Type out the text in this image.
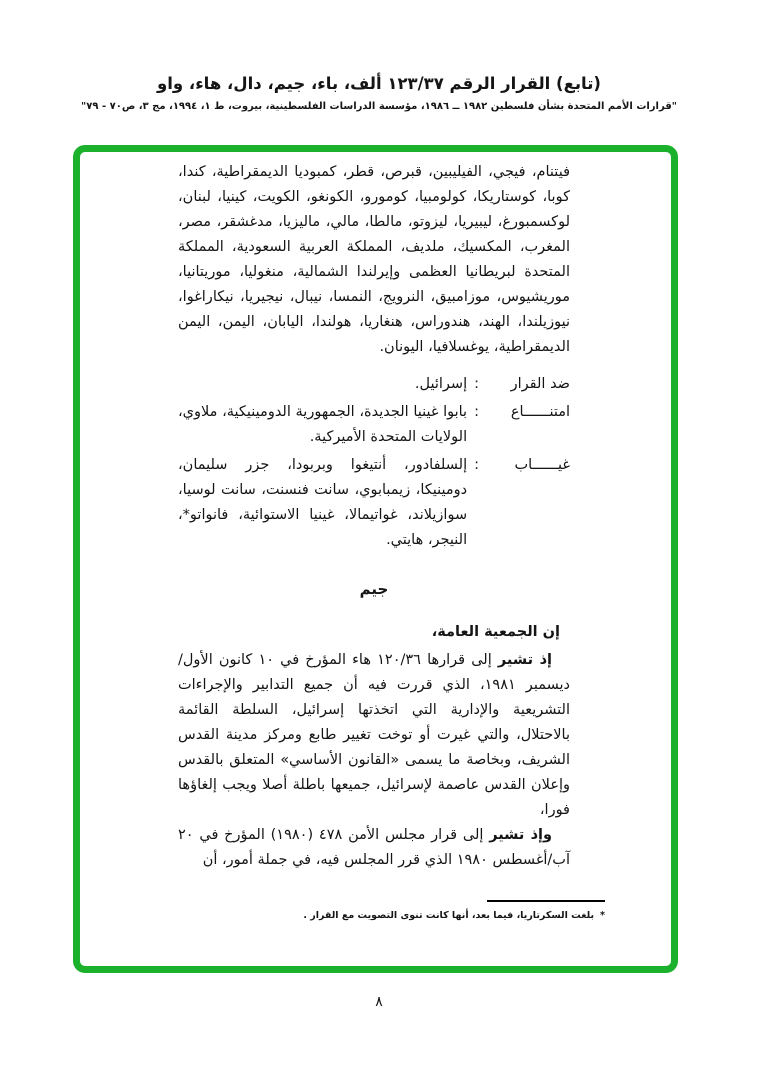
(تابع) القرار الرقم ١٢٣/٣٧ ألف، باء، جيم، دال، هاء، واو
"قرارات الأمم المتحدة بشأن فلسطين ١٩٨٢ ــ ١٩٨٦، مؤسسة الدراسات الفلسطينية، بيروت، ط ١، ١٩٩٤، مج ٣، ص٧٠ - ٧٩"

فيتنام، فيجي، الفيليبين، قبرص، قطر، كمبوديا الديمقراطية، كندا، كوبا، كوستاريكا، كولومبيا، كومورو، الكونغو، الكويت، كينيا، لبنان، لوكسمبورغ، ليبيريا، ليزوتو، مالطا، مالي، ماليزيا، مدغشقر، مصر، المغرب، المكسيك، ملديف، المملكة العربية السعودية، المملكة المتحدة لبريطانيا العظمى وإيرلندا الشمالية، منغوليا، موريتانيا، موريشيوس، موزامبيق، النرويج، النمسا، نيبال، نيجيريا، نيكاراغوا، نيوزيلندا، الهند، هندوراس، هنغاريا، هولندا، اليابان، اليمن، اليمن الديمقراطية، يوغسلافيا، اليونان.

ضد القرار
:
إسرائيل.
امتنــــــاع
:
بابوا غينيا الجديدة، الجمهورية الدومينيكية، ملاوي، الولايات المتحدة الأميركية.
غيــــــاب
:
إلسلفادور، أنتيغوا وبربودا، جزر سليمان، دومينيكا، زيمبابوي، سانت فنسنت، سانت لوسيا، سوازيلاند، غواتيمالا، غينيا الاستوائية، فانواتو*، النيجر، هايتي.

جيم

إن الجمعية العامة،

إذ تشير إلى قرارها ١٢٠/٣٦ هاء المؤرخ في ١٠ كانون الأول/ ديسمبر ١٩٨١، الذي قررت فيه أن جميع التدابير والإجراءات التشريعية والإدارية التي اتخذتها إسرائيل، السلطة القائمة بالاحتلال، والتي غيرت أو توخت تغيير طابع ومركز مدينة القدس الشريف، وبخاصة ما يسمى «القانون الأساسي» المتعلق بالقدس وإعلان القدس عاصمة لإسرائيل، جميعها باطلة أصلا ويجب إلغاؤها فورا،

وإذ تشير إلى قرار مجلس الأمن ٤٧٨ (١٩٨٠) المؤرخ في ٢٠ آب/أغسطس ١٩٨٠ الذي قرر المجلس فيه، في جملة أمور، أن

*بلغت السكرتاريا، فيما بعد، أنها كانت تنوى التصويت مع القرار .
٨
